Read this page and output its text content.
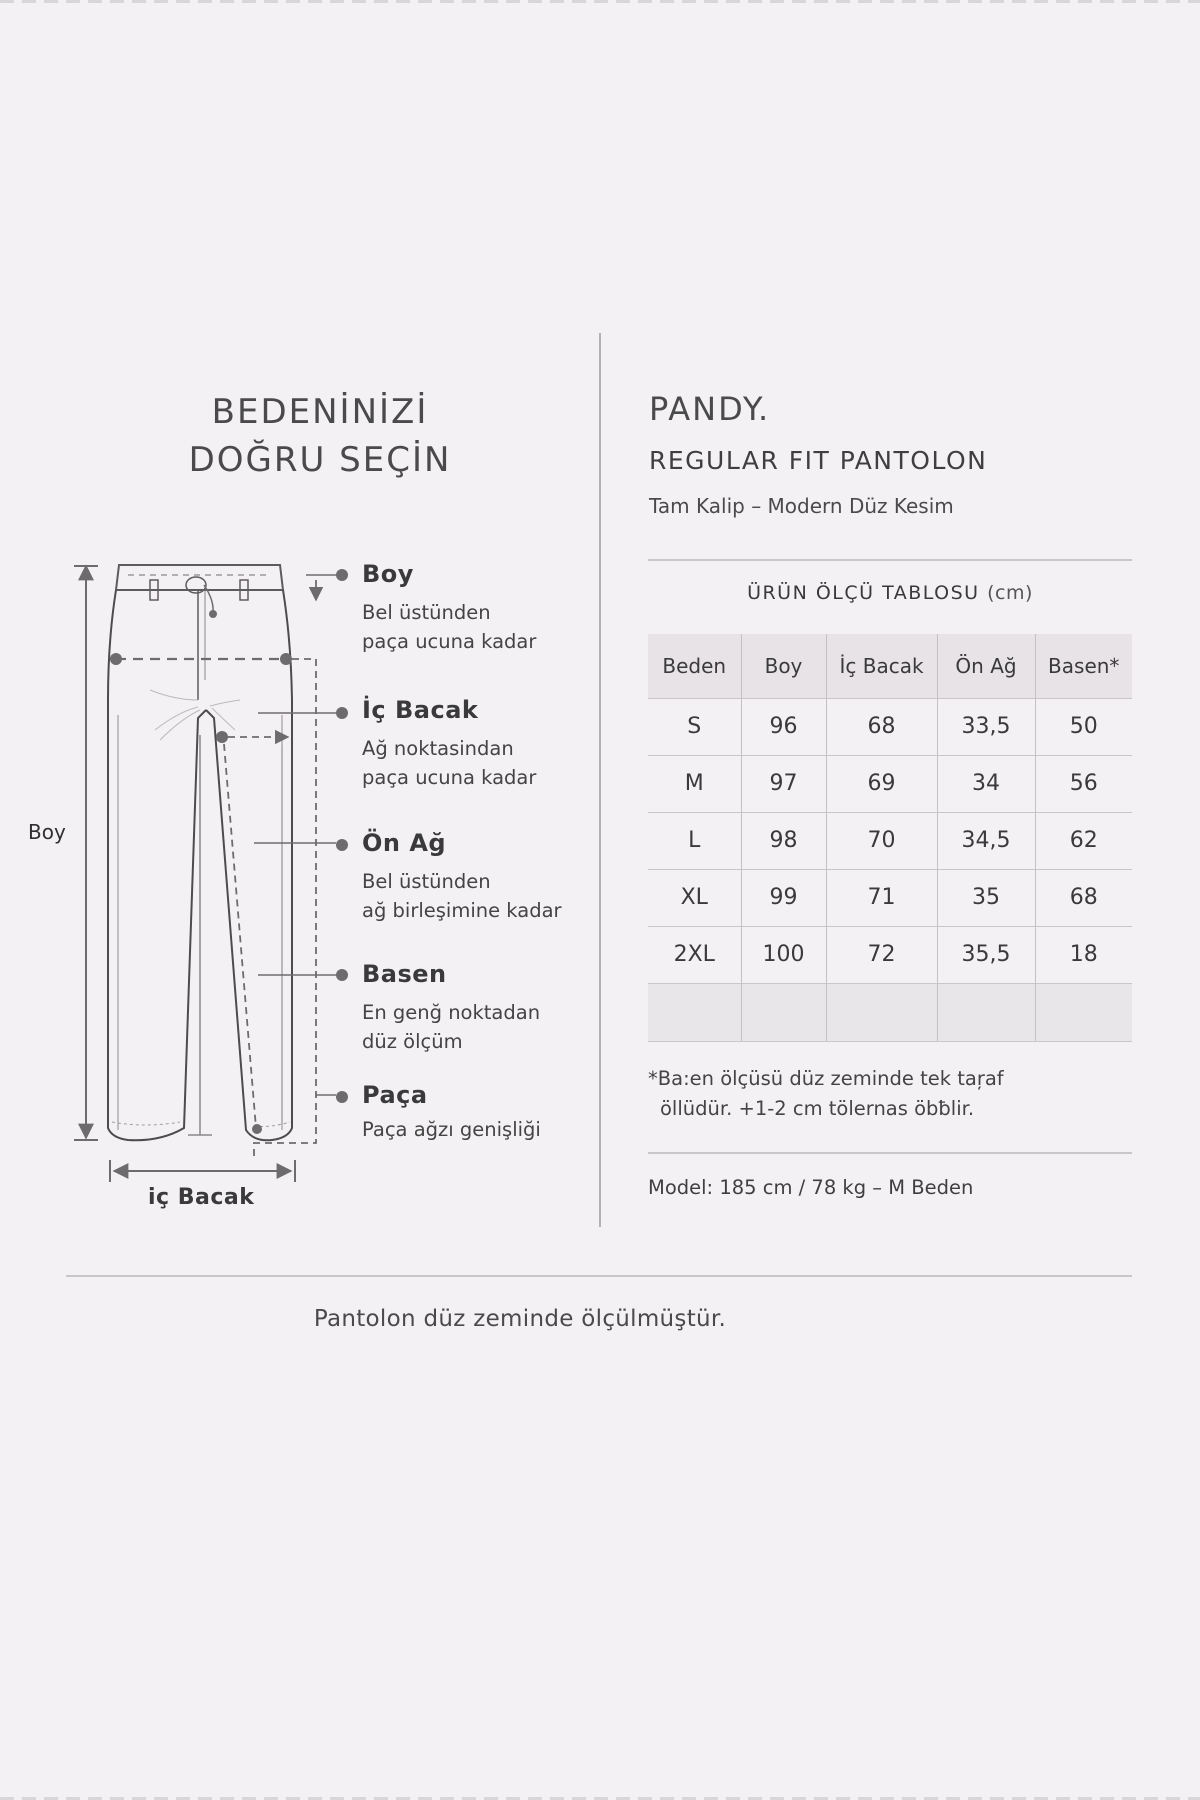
BEDENİNİZİ
DOĞRU SEÇİN
Boy
iç Bacak
Boy
Bel üstünden
paça ucuna kadar
İç Bacak
Ağ noktasindan
paça ucuna kadar
Ön Ağ
Bel üstünden
ağ birleşimine kadar
Basen
En genğ noktadan
düz ölçüm
Paça
Paça ağzı genişliği
PANDY.
REGULAR FIT PANTOLON
Tam Kalip – Modern Düz Kesim
ÜRÜN ÖLÇÜ TABLOSU (cm)
Beden	Boy	İç Bacak	Ön Ağ	Basen*
S	96	68	33,5	50
M	97	69	34	56
L	98	70	34,5	62
XL	99	71	35	68
2XL	100	72	35,5	18

*Ba:en ölçüsü düz zeminde tek taŗaf
öllüdür. +1-2 cm tölernas öbƀlir.
Model: 185 cm / 78 kg – M Beden
Pantolon düz zeminde ölçülmüştür.
